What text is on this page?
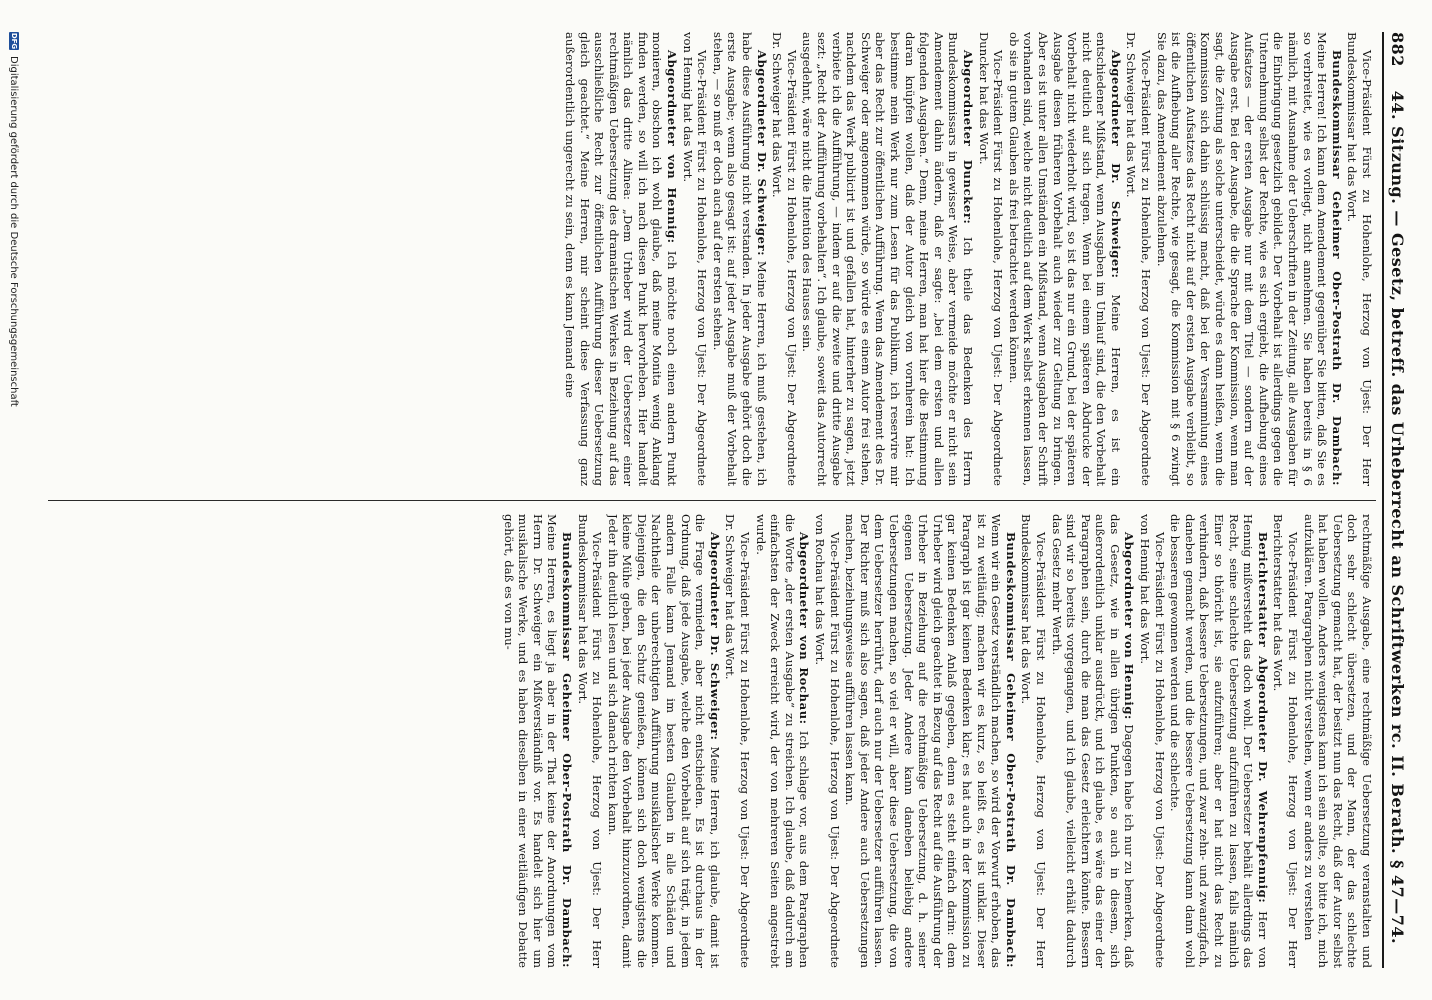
882
44. Sitzung. — Gesetz, betreff. das Urheberrecht an Schriftwerken rc. II. Berath. § 47—74.

Vice-Präsident Fürst zu Hohenlohe, Herzog von Ujest: Der Herr Bundeskommissar hat das Wort.

Bundeskommissar Geheimer Ober-Postrath Dr. Dambach: Meine Herren! Ich kann dem Amendement gegenüber Sie bitten, daß Sie es so verbreitet, wie es vorliegt, nicht annehmen. Sie haben bereits in § 6 nämlich, mit Ausnahme der Ueberschriften in der Zeitung, alle Ausgaben für die Einbringung gesetzlich gebildet. Der Vorbehalt ist allerdings gegen die Unternehmung selbst der Rechte, wie es sich ergiebt, die Aufhebung eines Aufsatzes — der ersten Ausgabe nur mit dem Titel — sondern auf der Ausgabe erst. Bei der Ausgabe, die die Sprache der Kommission, wenn man sagt, die Zeitung als solche unterscheidet, würde es dann heißen, wenn die Kommission sich dahin schlüssig macht, daß bei der Versammlung eines öffentlichen Aufsatzes das Recht nicht auf der ersten Ausgabe verbleibt, so ist die Aufhebung aller Rechte, wie gesagt, die Kommission mit § 6 zwingt Sie dazu, das Amendement abzulehnen.

Vice-Präsident Fürst zu Hohenlohe, Herzog von Ujest: Der Abgeordnete Dr. Schweiger hat das Wort.

Abgeordneter Dr. Schweiger: Meine Herren, es ist ein entschiedener Mißstand, wenn Ausgaben im Umlauf sind, die den Vorbehalt nicht deutlich auf sich tragen. Wenn bei einem späteren Abdrucke der Vorbehalt nicht wiederholt wird, so ist das nur ein Grund, bei der späteren Ausgabe diesen früheren Vorbehalt auch wieder zur Geltung zu bringen. Aber es ist unter allen Umständen ein Mißstand, wenn Ausgaben der Schrift vorhanden sind, welche nicht deutlich auf dem Werk selbst erkennen lassen, ob sie in gutem Glauben als frei betrachtet werden können.

Vice-Präsident Fürst zu Hohenlohe, Herzog von Ujest: Der Abgeordnete Duncker hat das Wort.

Abgeordneter Duncker: Ich theile das Bedenken des Herrn Bundeskommissars in gewisser Weise, aber vermeide möchte er nicht sein Amendement dahin ändern, daß er sagte: „bei dem ersten und allen folgenden Ausgaben.“ Denn, meine Herren, man hat hier die Bestimmung daran knüpfen wollen, daß der Autor gleich von vornherein hat: Ich bestimme mein Werk nur zum Lesen für das Publikum, ich reservire mir aber das Recht zur öffentlichen Aufführung. Wenn das Amendement des Dr. Schweiger oder angenommen würde, so würde es einem Autor frei stehen, nachdem das Werk publicirt ist und gefallen hat, hinterher zu sagen, jetzt verbiete ich die Aufführung, — indem er auf die zweite und dritte Ausgabe sezt: „Recht der Aufführung vorbehalten“. Ich glaube, soweit das Autorrecht ausgedehnt, wäre nicht die Intention des Hauses sein.

Vice-Präsident Fürst zu Hohenlohe, Herzog von Ujest: Der Abgeordnete Dr. Schweiger hat das Wort.

Abgeordneter Dr. Schweiger: Meine Herren, ich muß gestehen, ich habe diese Ausführung nicht verstanden. In jeder Ausgabe gehört doch die erste Ausgabe; wenn also gesagt ist: auf jeder Ausgabe muß der Vorbehalt stehen, — so muß er doch auch auf der ersten stehen.

Vice-Präsident Fürst zu Hohenlohe, Herzog von Ujest: Der Abgeordnete von Hennig hat das Wort.

Abgeordneter von Hennig: Ich möchte noch einen andern Punkt monieren, obschon ich wohl glaube, daß meine Monita wenig Anklang finden werden, so will ich nach diesen Punkt hervorheben. Hier handelt nämlich das dritte Alinea: „Dem Urheber wird der Uebersetzer einer rechtmäßigen Uebersetzung des dramatischen Werkes in Beziehung auf das ausschließliche Recht zur öffentlichen Aufführung dieser Uebersetzung gleich geachtet.“ Meine Herren, mir scheint diese Verfassung ganz außerordentlich ungerecht zu sein, denn es kann Jemand eine

rechtmäßige Ausgabe, eine rechtmäßige Uebersetzung veranstalten und doch sehr schlecht übersetzen, und der Mann, der das schlechte Uebersetzung gemacht hat, der besitzt nun das Recht, daß der Autor selbst hat haben wollen. Anders wenigstens kann ich sein sollte, so bitte ich, mich aufzuklären. Paragraphen nicht verstehen, wenn er anders zu verstehen

Vice-Präsident Fürst zu Hohenlohe, Herzog von Ujest: Der Herr Berichterstatter hat das Wort.

Berichterstatter Abgeordneter Dr. Wehrenpfennig: Herr von Hennig mißversteht das doch wohl. Der Uebersetzer behält allerdings das Recht, seine schlechte Uebersetzung aufzuführen zu lassen, falls nämlich Einer so thöricht ist, sie aufzuführen; aber er hat nicht das Recht zu verhindern, daß bessere Uebersetzungen, und zwar zehn- und zwanzigfach, daneben gemacht werden, und die bessere Uebersetzung kann dann wohl die besseren gewonnen werden und die schlechte.

Vice-Präsident Fürst zu Hohenlohe, Herzog von Ujest: Der Abgeordnete von Hennig hat das Wort.

Abgeordneter von Hennig: Dagegen habe ich nur zu bemerken, daß das Gesetz, wie in allen übrigen Punkten, so auch in diesem, sich außerordentlich unklar ausdrückt, und ich glaube, es wäre das einer der Paragraphen sein, durch die man das Gesetz erleichtern könnte. Bessern sind wir so bereits vorgegangen, und ich glaube, vielleicht erhält dadurch das Gesetz mehr Werth.

Vice-Präsident Fürst zu Hohenlohe, Herzog von Ujest: Der Herr Bundeskommissar hat das Wort.

Bundeskommissar Geheimer Ober-Postrath Dr. Dambach: Wenn wir ein Gesetz verständlich machen, so wird der Vorwurf erhoben, das ist zu weitläufig; machen wir es kurz, so heißt es, es ist unklar. Dieser Paragraph ist gar keinen Bedenken klar; es hat auch in der Kommission zu gar keinen Bedenken Anlaß gegeben, denn es steht einfach darin: dem Urheber wird gleich geachtet in Bezug auf das Recht auf die Ausführung der Urheber in Beziehung auf die rechtmäßige Uebersetzung, d. h. seiner eigenen Uebersetzung. Jeder Andere kann daneben beliebig andere Uebersetzungen machen, so viel er will, aber diese Uebersetzung, die von dem Uebersetzer herrührt, darf auch nur der Uebersetzer aufführen lassen. Der Richter muß sich also sagen, daß jeder Andere auch Uebersetzungen machen, beziehungsweise aufführen lassen kann.

Vice-Präsident Fürst zu Hohenlohe, Herzog von Ujest: Der Abgeordnete von Rochau hat das Wort.

Abgeordneter von Rochau: Ich schlage vor, aus dem Paragraphen die Worte „der ersten Ausgabe“ zu streichen. Ich glaube, daß dadurch am einfachsten der Zweck erreicht wird, der von mehreren Seiten angestrebt wurde.

Vice-Präsident Fürst zu Hohenlohe, Herzog von Ujest: Der Abgeordnete Dr. Schweiger hat das Wort.

Abgeordneter Dr. Schweiger: Meine Herren, ich glaube, damit ist die Frage vermieden, aber nicht entschieden. Es ist durchaus in der Ordnung, daß jede Ausgabe, welche den Vorbehalt auf sich trägt, in jedem andern Falle kann Jemand im besten Glauben in alle Schäden und Nachtheile der unberechtigten Aufführung musikalischer Werke kommen. Diejenigen, die den Schutz genießen, können sich doch wenigstens die kleine Mühe geben, bei jeder Ausgabe den Vorbehalt hinzuzuordnen, damit Jeder ihn deutlich lesen und sich danach richten kann.

Vice-Präsident Fürst zu Hohenlohe, Herzog von Ujest: Der Herr Bundeskommissar hat das Wort.

Bundeskommissar Geheimer Ober-Postrath Dr. Dambach: Meine Herren, es liegt ja aber in der That keine der Anordnungen vom Herrn Dr. Schweiger ein Mißverständniß vor. Es handelt sich hier um musikalische Werke, und es haben dieselben in einer weitläufigen Debatte gehört, daß es von mu-

DFG
Digitalisierung gefördert durch die Deutsche Forschungsgemeinschaft
